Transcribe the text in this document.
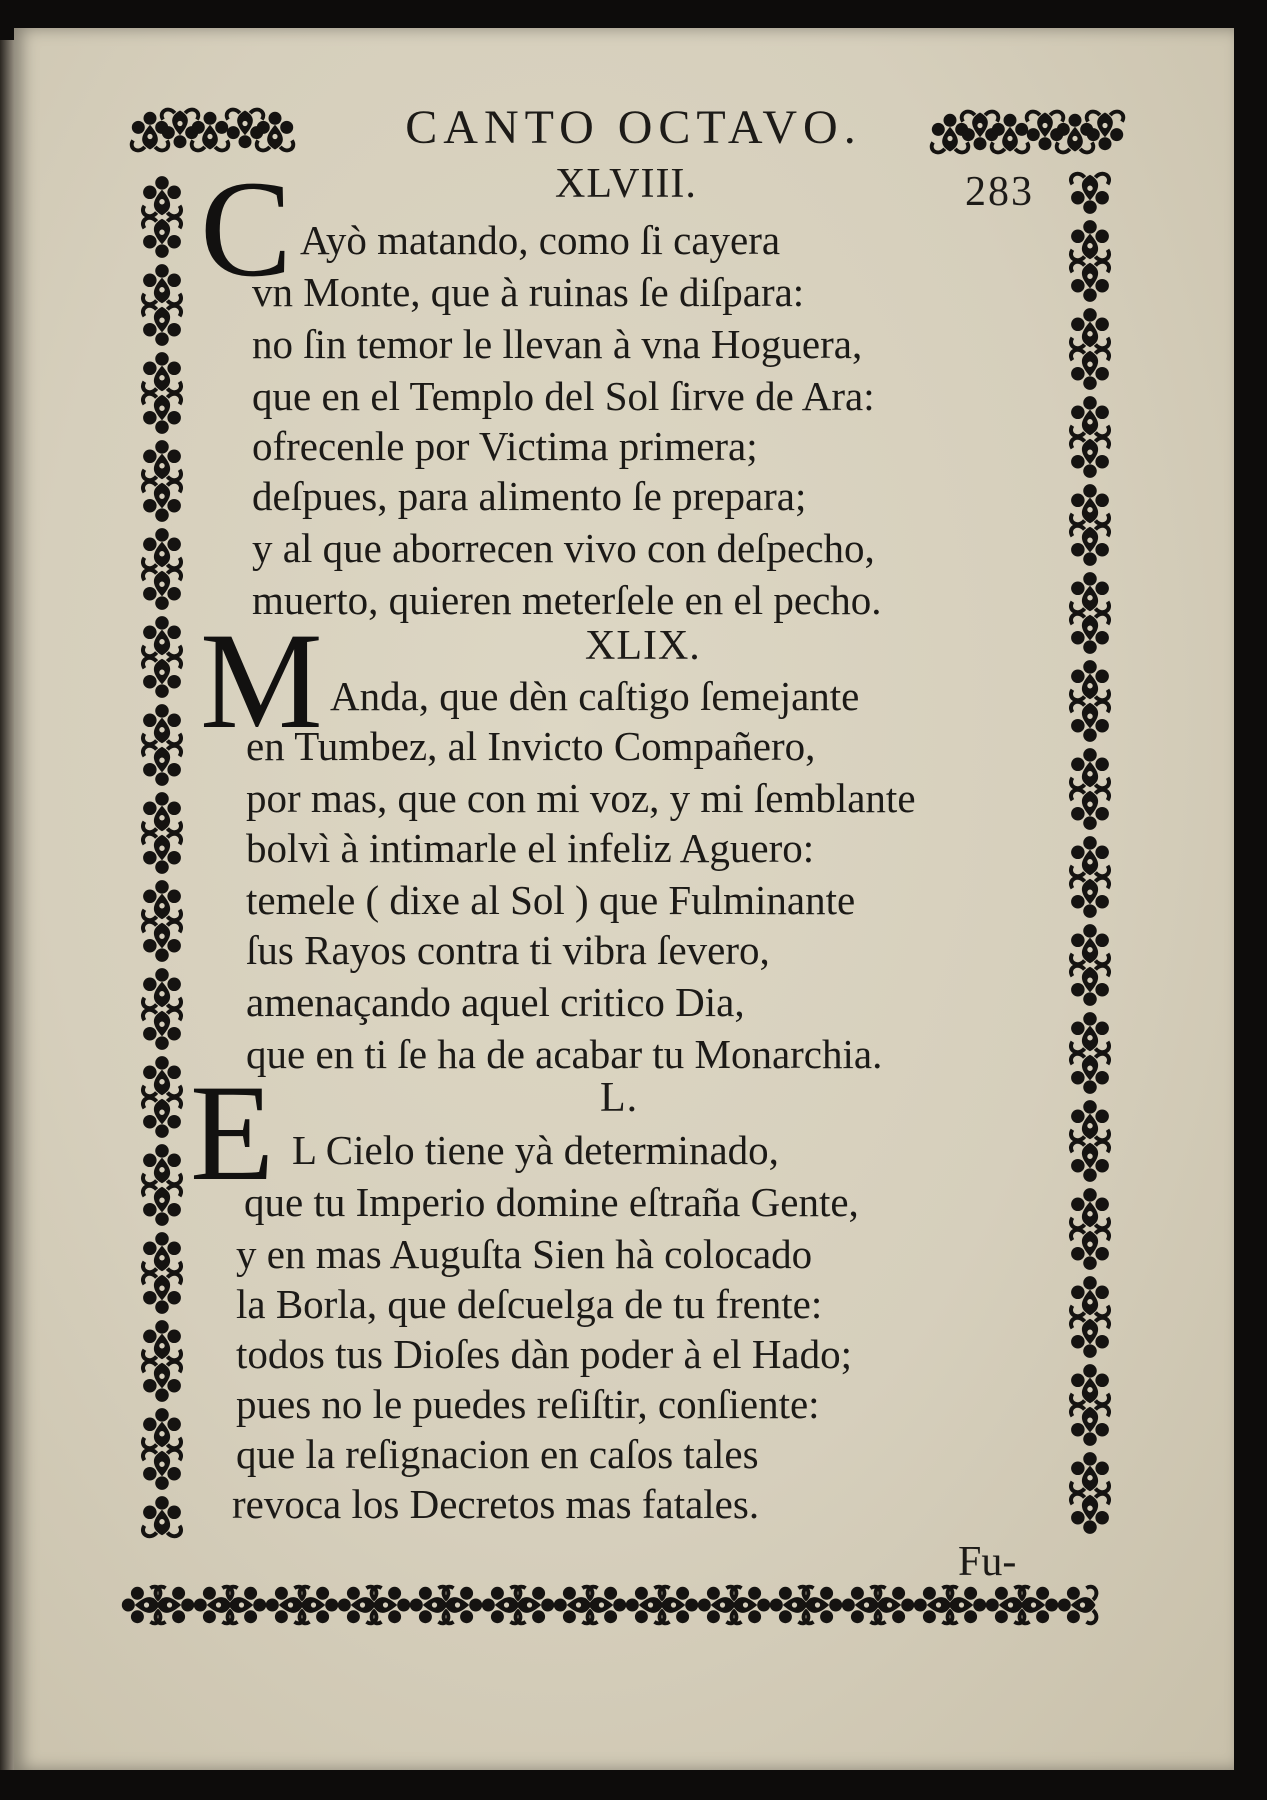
CANTO OCTAVO.
283
XLVIII.
C Ayò matando, como ſi cayera
vn Monte, que à ruinas ſe diſpara:
no ſin temor le llevan à vna Hoguera,
que en el Templo del Sol ſirve de Ara:
ofrecenle por Victima primera;
deſpues, para alimento ſe prepara;
y al que aborrecen vivo con deſpecho,
muerto, quieren meterſele en el pecho.
XLIX.
M Anda, que dèn caſtigo ſemejante
en Tumbez, al Invicto Compañero,
por mas, que con mi voz, y mi ſemblante
bolvì à intimarle el infeliz Aguero:
temele ( dixe al Sol ) que Fulminante
ſus Rayos contra ti vibra ſevero,
amenaçando aquel critico Dia,
que en ti ſe ha de acabar tu Monarchia.
L.
E L Cielo tiene yà determinado,
que tu Imperio domine eſtraña Gente,
y en mas Auguſta Sien hà colocado
la Borla, que deſcuelga de tu frente:
todos tus Dioſes dàn poder à el Hado;
pues no le puedes reſiſtir, conſiente:
que la reſignacion en caſos tales
revoca los Decretos mas fatales.
Fu-
